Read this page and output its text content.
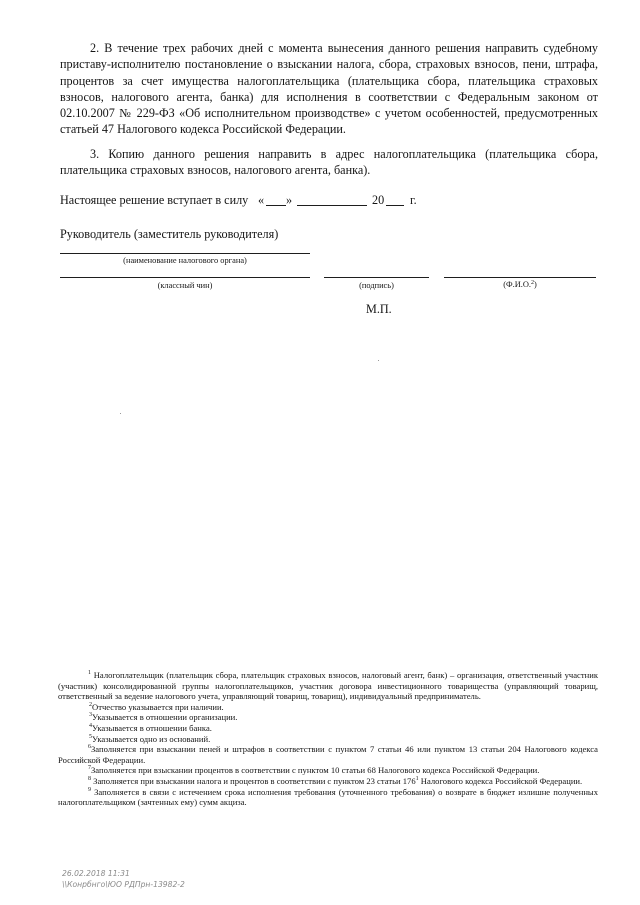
2. В течение трех рабочих дней с момента вынесения данного решения направить судебному приставу-исполнителю постановление о взыскании налога, сбора, страховых взносов, пени, штрафа, процентов за счет имущества налогоплательщика (плательщика сбора, плательщика страховых взносов, налогового агента, банка) для исполнения в соответствии с Федеральным законом от 02.10.2007 № 229-ФЗ «Об исполнительном производстве» с учетом особенностей, предусмотренных статьей 47 Налогового кодекса Российской Федерации.

3. Копию данного решения направить в адрес налогоплательщика (плательщика сбора, плательщика страховых взносов, налогового агента, банка).

Настоящее решение вступает в силу « »	20 г.
Руководитель (заместитель руководителя)
(наименование налогового органа)
(классный чин)	(подпись)	(Ф.И.О.$^2$)
М.П.

$^1$ Налогоплательщик (плательщик сбора, плательщик страховых взносов, налоговый агент, банк) – организация, ответственный участник (участник) консолидированной группы налогоплательщиков, участник договора инвестиционного товарищества (управляющий товарищ, ответственный за ведение налогового учета, управляющий товарищ, товарищ), индивидуальный предприниматель.

$^2$Отчество указывается при наличии.

$^3$Указывается в отношении организации.

$^4$Указывается в отношении банка.

$^5$Указывается одно из оснований.

$^6$Заполняется при взыскании пеней и штрафов в соответствии с пунктом 7 статьи 46 или пунктом 13 статьи 204 Налогового кодекса Российской Федерации.

$^7$Заполняется при взыскании процентов в соответствии с пунктом 10 статьи 68 Налогового кодекса Российской Федерации.

$^8$ Заполняется при взыскании налога и процентов в соответствии с пунктом 23 статьи $176^1$ Налогового кодекса Российской Федерации.

$^9$ Заполняется в связи с истечением срока исполнения требования (уточненного требования) о возврате в бюджет излишне полученных налогоплательщиком (зачтенных ему) сумм акциза.

26.02.2018 11:31
\\Конрбнго\ЮО РДПрн-13982-2
